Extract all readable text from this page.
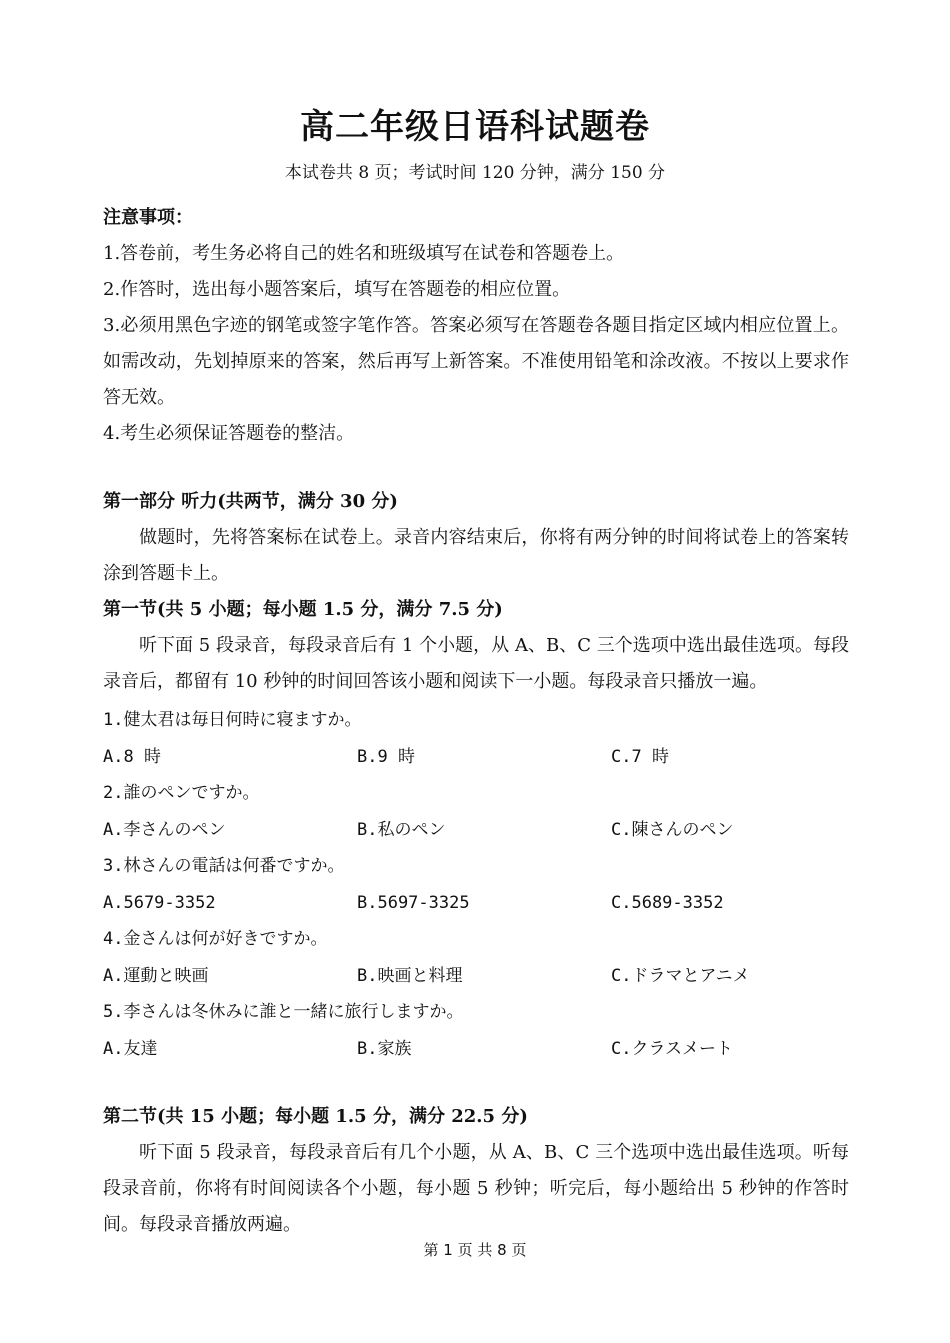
高二年级日语科试题卷
本试卷共 8 页；考试时间 120 分钟，满分 150 分
注意事项：
1.答卷前，考生务必将自己的姓名和班级填写在试卷和答题卷上。
2.作答时，选出每小题答案后，填写在答题卷的相应位置。

3.必须用黑色字迹的钢笔或签字笔作答。答案必须写在答题卷各题目指定区域内相应位置上。如需改动，先划掉原来的答案，然后再写上新答案。不准使用铅笔和涂改液。不按以上要求作答无效。

4.考生必须保证答题卷的整洁。
第一部分 听力(共两节，满分 30 分)

做题时，先将答案标在试卷上。录音内容结束后，你将有两分钟的时间将试卷上的答案转涂到答题卡上。

第一节(共 5 小题；每小题 1.5 分，满分 7.5 分)

听下面 5 段录音，每段录音后有 1 个小题，从 A、B、C 三个选项中选出最佳选项。每段录音后，都留有 10 秒钟的时间回答该小题和阅读下一小题。每段录音只播放一遍。

1.健太君は毎日何時に寝ますか。
A.8 時	B.9 時	C.7 時
2.誰のペンですか。
A.李さんのペン	B.私のペン	C.陳さんのペン
3.林さんの電話は何番ですか。
A.5679-3352	B.5697-3325	C.5689-3352
4.金さんは何が好きですか。
A.運動と映画	B.映画と料理	C.ドラマとアニメ
5.李さんは冬休みに誰と一緒に旅行しますか。
A.友達	B.家族	C.クラスメート
第二节(共 15 小题；每小题 1.5 分，满分 22.5 分)

听下面 5 段录音，每段录音后有几个小题，从 A、B、C 三个选项中选出最佳选项。听每段录音前，你将有时间阅读各个小题，每小题 5 秒钟；听完后，每小题给出 5 秒钟的作答时间。每段录音播放两遍。

第 1 页 共 8 页
